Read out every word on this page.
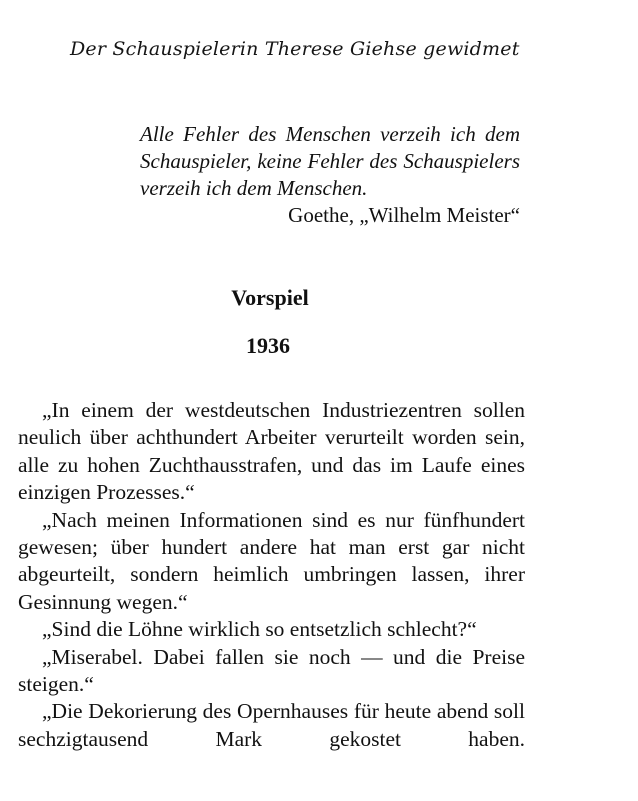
Der Schauspielerin Therese Giehse gewidmet
Alle Fehler des Menschen verzeih ich dem Schauspieler, keine Fehler des Schauspielers verzeih ich dem Menschen.
Goethe, „Wilhelm Meister“
Vorspiel
1936

„In einem der westdeutschen Industriezentren sollen neulich über achthundert Arbeiter verurteilt worden sein, alle zu hohen Zuchthausstrafen, und das im Laufe eines einzigen Prozesses.“

„Nach meinen Informationen sind es nur fünfhundert gewesen; über hundert andere hat man erst gar nicht abgeurteilt, sondern heimlich umbringen lassen, ihrer Gesinnung wegen.“

„Sind die Löhne wirklich so entsetzlich schlecht?“

„Miserabel. Dabei fallen sie noch — und die Preise steigen.“

„Die Dekorierung des Opernhauses für heute abend soll sechzigtausend Mark gekostet haben.
